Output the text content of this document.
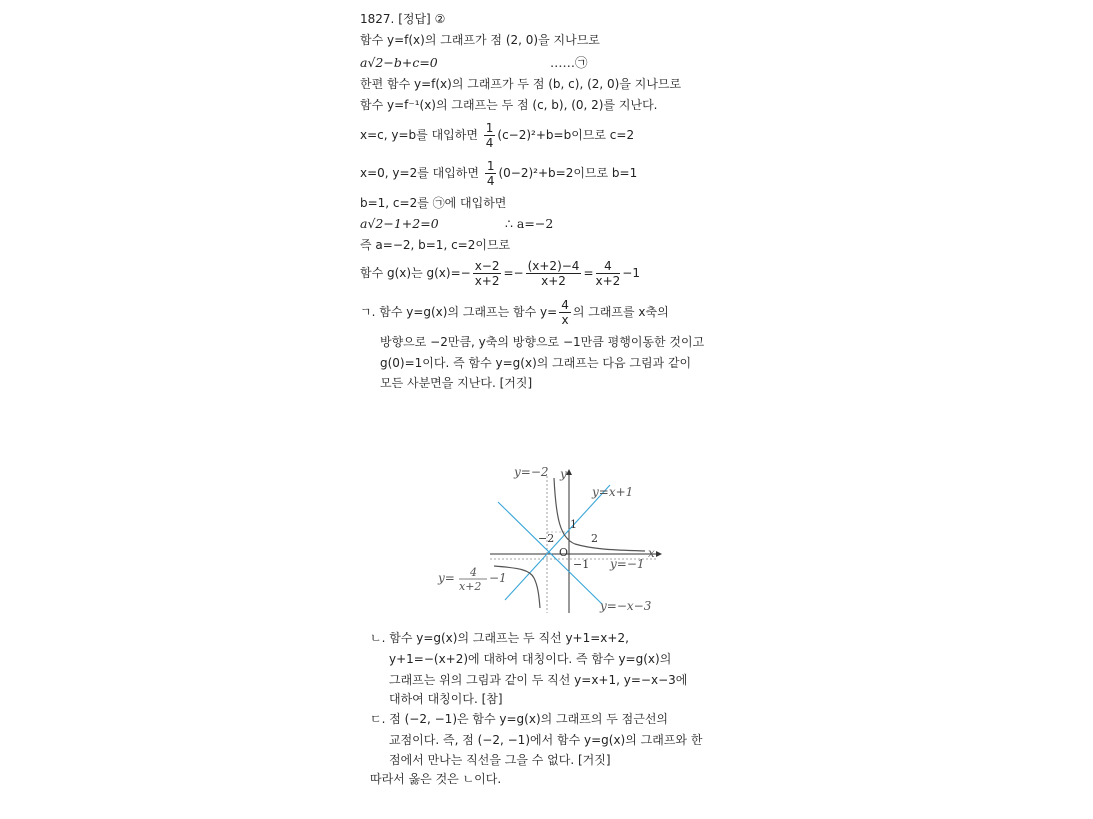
1827. [정답] ②
함수 y=f(x)의 그래프가 점 (2, 0)을 지나므로
a√2−b+c=0	……㉠
한편 함수 y=f(x)의 그래프가 두 점 (b, c), (2, 0)을 지나므로
함수 y=f⁻¹(x)의 그래프는 두 점 (c, b), (0, 2)를 지난다.
x=c, y=b를 대입하면 $\frac{1}{4} (c-2)^2+b=b$이므로 c=2
x=0, y=2를 대입하면 $\frac{1}{4} (0-2)^2+b=2$이므로 b=1
b=1, c=2를 ㉠에 대입하면
a√2−1+2=0	∴ a=−2
즉 a=−2, b=1, c=2이므로
함수 g(x)는 $g(x)=- \frac{x-2}{x+2} =- \frac{(x+2)-4}{x+2} = \frac{4}{x+2} -1$
ㄱ. 함수 y=g(x)의 그래프는 함수 $y= \frac{4}{x}$ 의 그래프를 x축의
방향으로 −2만큼, y축의 방향으로 −1만큼 평행이동한 것이고
g(0)=1이다. 즉 함수 y=g(x)의 그래프는 다음 그림과 같이
모든 사분면을 지난다. [거짓]
y=−2 y
y=x+1
1
−2	2
x
O
−1 y=−1
y=−x−3
y= 4
x+2
−1
ㄴ. 함수 y=g(x)의 그래프는 두 직선 y+1=x+2,
y+1=−(x+2)에 대하여 대칭이다. 즉 함수 y=g(x)의
그래프는 위의 그림과 같이 두 직선 y=x+1, y=−x−3에
대하여 대칭이다. [참]
ㄷ. 점 (−2, −1)은 함수 y=g(x)의 그래프의 두 점근선의
교점이다. 즉, 점 (−2, −1)에서 함수 y=g(x)의 그래프와 한
점에서 만나는 직선을 그을 수 없다. [거짓]
따라서 옳은 것은 ㄴ이다.
